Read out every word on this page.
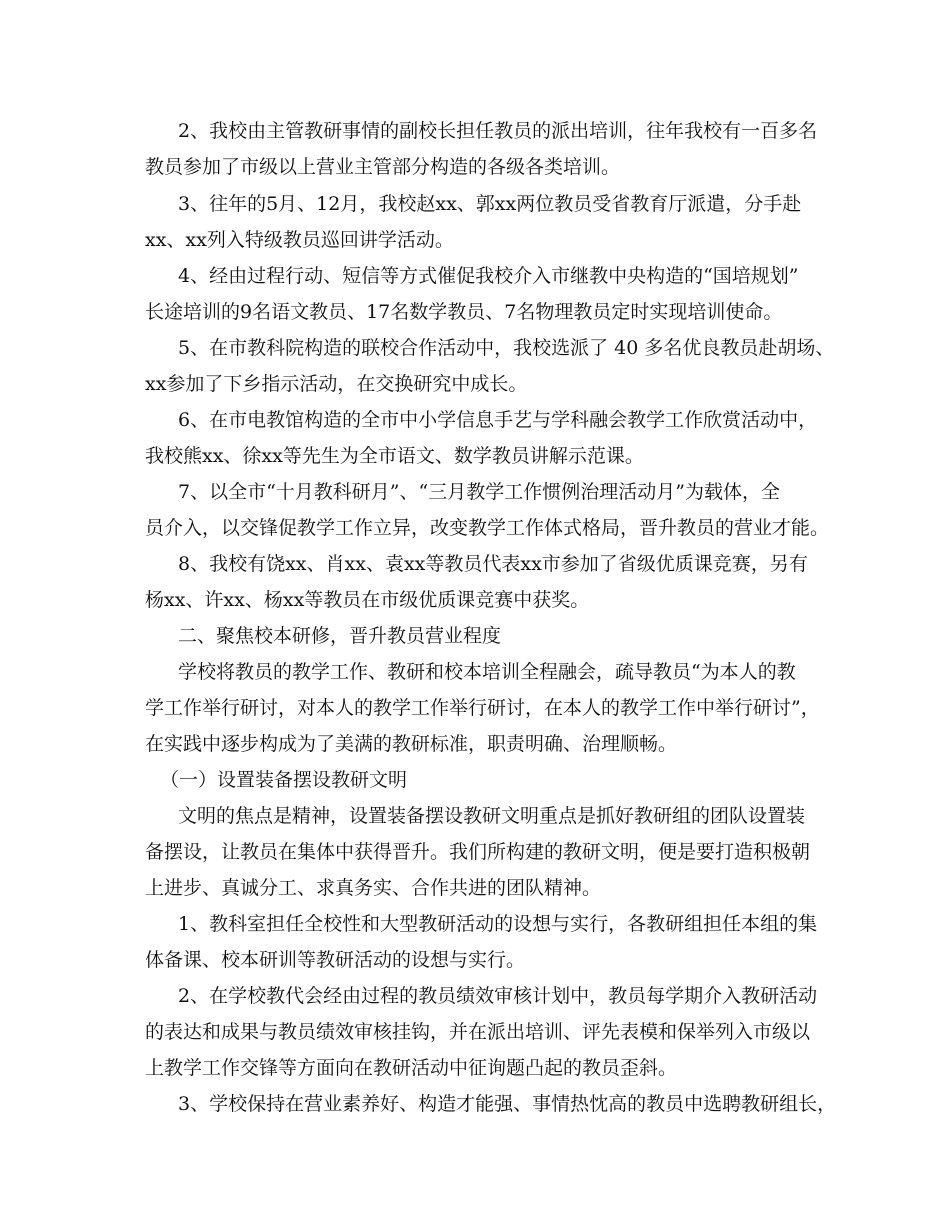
2、我校由主管教研事情的副校长担任教员的派出培训，往年我校有一百多名
教员参加了市级以上营业主管部分构造的各级各类培训。
3、往年的5月、12月，我校赵xx、郭xx两位教员受省教育厅派遣，分手赴
xx、xx列入特级教员巡回讲学活动。
4、经由过程行动、短信等方式催促我校介入市继教中央构造的“国培规划”
长途培训的9名语文教员、17名数学教员、7名物理教员定时实现培训使命。
5、在市教科院构造的联校合作活动中，我校选派了 40 多名优良教员赴胡场、
xx参加了下乡指示活动，在交换研究中成长。
6、在市电教馆构造的全市中小学信息手艺与学科融会教学工作欣赏活动中，
我校熊xx、徐xx等先生为全市语文、数学教员讲解示范课。
7、以全市“十月教科研月”、“三月教学工作惯例治理活动月”为载体，全
员介入，以交锋促教学工作立异，改变教学工作体式格局，晋升教员的营业才能。
8、我校有饶xx、肖xx、袁xx等教员代表xx市参加了省级优质课竞赛，另有
杨xx、许xx、杨xx等教员在市级优质课竞赛中获奖。
二、聚焦校本研修，晋升教员营业程度
学校将教员的教学工作、教研和校本培训全程融会，疏导教员“为本人的教
学工作举行研讨，对本人的教学工作举行研讨，在本人的教学工作中举行研讨”，
在实践中逐步构成为了美满的教研标准，职责明确、治理顺畅。
（一）设置装备摆设教研文明
文明的焦点是精神，设置装备摆设教研文明重点是抓好教研组的团队设置装
备摆设，让教员在集体中获得晋升。我们所构建的教研文明，便是要打造积极朝
上进步、真诚分工、求真务实、合作共进的团队精神。
1、教科室担任全校性和大型教研活动的设想与实行，各教研组担任本组的集
体备课、校本研训等教研活动的设想与实行。
2、在学校教代会经由过程的教员绩效审核计划中，教员每学期介入教研活动
的表达和成果与教员绩效审核挂钩，并在派出培训、评先表模和保举列入市级以
上教学工作交锋等方面向在教研活动中征询题凸起的教员歪斜。
3、学校保持在营业素养好、构造才能强、事情热忱高的教员中选聘教研组长，
